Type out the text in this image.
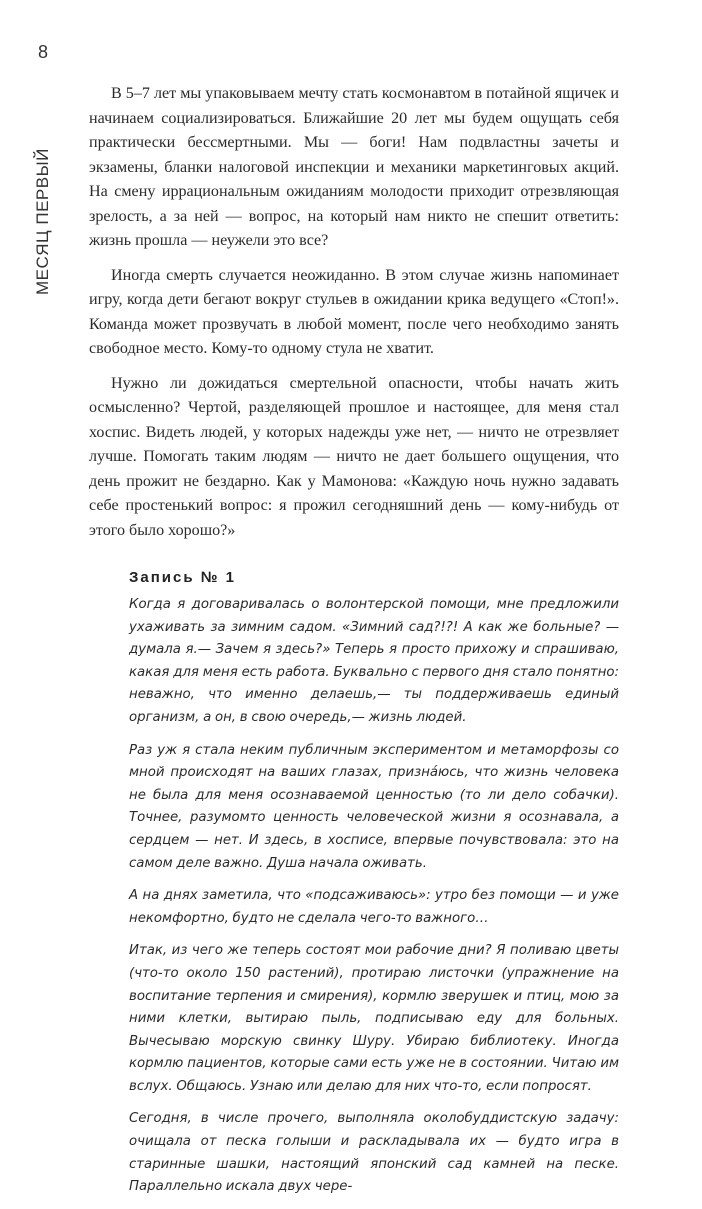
8
МЕСЯЦ ПЕРВЫЙ

В 5–7 лет мы упаковываем мечту стать космонавтом в потайной ящичек и начинаем социализироваться. Ближайшие 20 лет мы будем ощущать себя практически бессмертными. Мы — боги! Нам подвластны зачеты и экзамены, бланки налоговой инспекции и механики маркетинговых акций. На смену иррациональным ожиданиям молодости приходит отрезвляющая зрелость, а за ней — вопрос, на который нам никто не спешит ответить: жизнь прошла — неужели это все?

Иногда смерть случается неожиданно. В этом случае жизнь напоминает игру, когда дети бегают вокруг стульев в ожидании крика ведущего «Стоп!». Команда может прозвучать в любой момент, после чего необходимо занять свободное место. Кому-то одному стула не хватит.

Нужно ли дожидаться смертельной опасности, чтобы начать жить осмысленно? Чертой, разделяющей прошлое и настоящее, для меня стал хоспис. Видеть людей, у которых надежды уже нет, — ничто не отрезвляет лучше. Помогать таким людям — ничто не дает большего ощущения, что день прожит не бездарно. Как у Мамонова: «Каждую ночь нужно задавать себе простенький вопрос: я прожил сегодняшний день — кому-нибудь от этого было хорошо?»

Запись № 1

Когда я договаривалась о волонтерской помощи, мне предложили ухаживать за зимним садом. «Зимний сад?!?! А как же больные? — думала я.— Зачем я здесь?» Теперь я просто прихожу и спрашиваю, какая для меня есть работа. Буквально с первого дня стало понятно: неважно, что именно делаешь,— ты поддерживаешь единый организм, а он, в свою очередь,— жизнь людей.

Раз уж я стала неким публичным экспериментом и метаморфозы со мной происходят на ваших глазах, признáюсь, что жизнь человека не была для меня осознаваемой ценностью (то ли дело собачки). Точнее, разумомто ценность человеческой жизни я осознавала, а сердцем — нет. И здесь, в хосписе, впервые почувствовала: это на самом деле важно. Душа начала оживать.

А на днях заметила, что «подсаживаюсь»: утро без помощи — и уже некомфортно, будто не сделала чего-то важного…

Итак, из чего же теперь состоят мои рабочие дни? Я поливаю цветы (что-то около 150 растений), протираю листочки (упражнение на воспитание терпения и смирения), кормлю зверушек и птиц, мою за ними клетки, вытираю пыль, подписываю еду для больных. Вычесываю морскую свинку Шуру. Убираю библиотеку. Иногда кормлю пациентов, которые сами есть уже не в состоянии. Читаю им вслух. Общаюсь. Узнаю или делаю для них что-то, если попросят.

Сегодня, в числе прочего, выполняла околобуддистскую задачу: очищала от песка голыши и раскладывала их — будто игра в старинные шашки, настоящий японский сад камней на песке. Параллельно искала двух чере-
